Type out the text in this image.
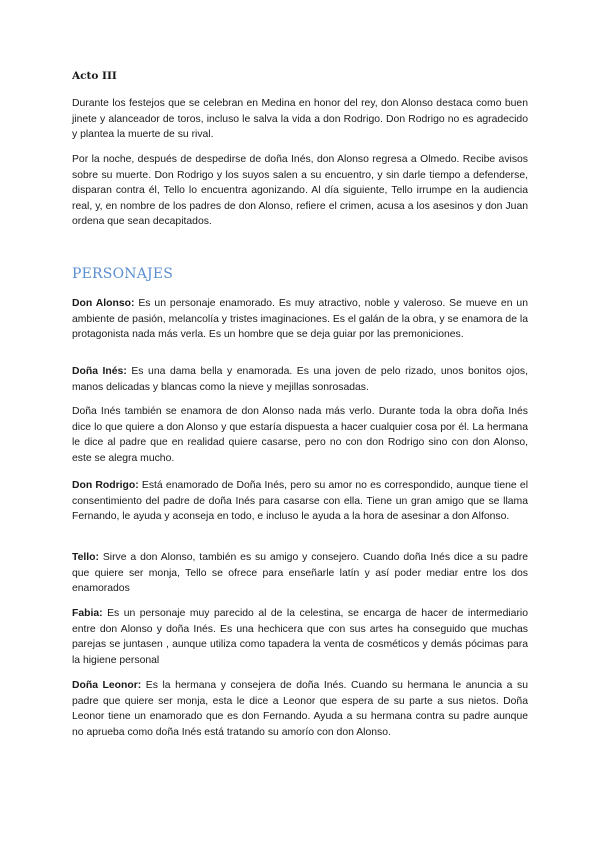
Acto III

Durante los festejos que se celebran en Medina en honor del rey, don Alonso destaca como buen jinete y alanceador de toros, incluso le salva la vida a don Rodrigo. Don Rodrigo no es agradecido y plantea la muerte de su rival.

Por la noche, después de despedirse de doña Inés, don Alonso regresa a Olmedo. Recibe avisos sobre su muerte. Don Rodrigo y los suyos salen a su encuentro, y sin darle tiempo a defenderse, disparan contra él, Tello lo encuentra agonizando. Al día siguiente, Tello irrumpe en la audiencia real, y, en nombre de los padres de don Alonso, refiere el crimen, acusa a los asesinos y don Juan ordena que sean decapitados.

PERSONAJES

Don Alonso: Es un personaje enamorado. Es muy atractivo, noble y valeroso. Se mueve en un ambiente de pasión, melancolía y tristes imaginaciones. Es el galán de la obra, y se enamora de la protagonista nada más verla. Es un hombre que se deja guiar por las premoniciones.

Doña Inés: Es una dama bella y enamorada. Es una joven de pelo rizado, unos bonitos ojos, manos delicadas y blancas como la nieve y mejillas sonrosadas.

Doña Inés también se enamora de don Alonso nada más verlo. Durante toda la obra doña Inés dice lo que quiere a don Alonso y que estaría dispuesta a hacer cualquier cosa por él. La hermana le dice al padre que en realidad quiere casarse, pero no con don Rodrigo sino con don Alonso, este se alegra mucho.

Don Rodrigo: Está enamorado de Doña Inés, pero su amor no es correspondido, aunque tiene el consentimiento del padre de doña Inés para casarse con ella. Tiene un gran amigo que se llama Fernando, le ayuda y aconseja en todo, e incluso le ayuda a la hora de asesinar a don Alfonso.

Tello: Sirve a don Alonso, también es su amigo y consejero. Cuando doña Inés dice a su padre que quiere ser monja, Tello se ofrece para enseñarle latín y así poder mediar entre los dos enamorados

Fabia: Es un personaje muy parecido al de la celestina, se encarga de hacer de intermediario entre don Alonso y doña Inés. Es una hechicera que con sus artes ha conseguido que muchas parejas se juntasen , aunque utiliza como tapadera la venta de cosméticos y demás pócimas para la higiene personal

Doña Leonor: Es la hermana y consejera de doña Inés. Cuando su hermana le anuncia a su padre que quiere ser monja, esta le dice a Leonor que espera de su parte a sus nietos. Doña Leonor tiene un enamorado que es don Fernando. Ayuda a su hermana contra su padre aunque no aprueba como doña Inés está tratando su amorío con don Alonso.
